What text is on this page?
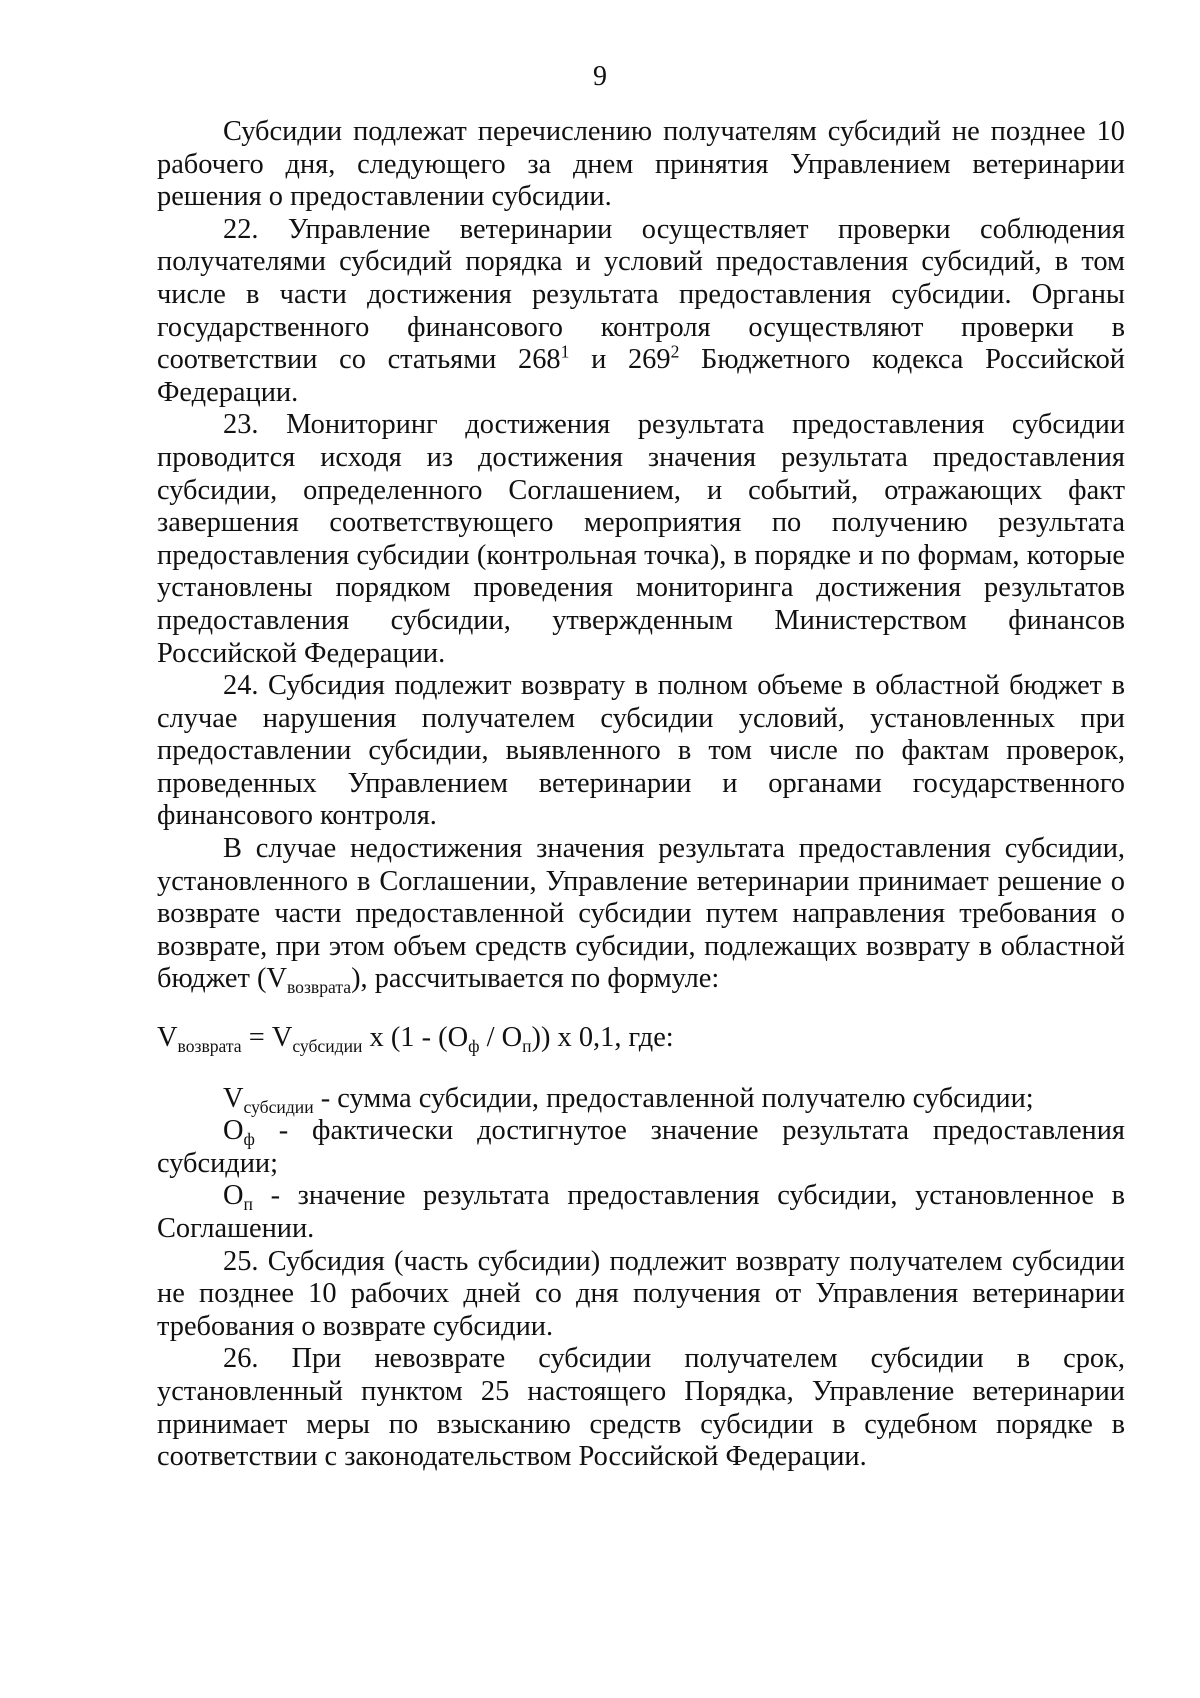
9

Субсидии подлежат перечислению получателям субсидий не позднее 10 рабочего дня, следующего за днем принятия Управлением ветеринарии решения о предоставлении субсидии.

22. Управление ветеринарии осуществляет проверки соблюдения получателями субсидий порядка и условий предоставления субсидий, в том числе в части достижения результата предоставления субсидии. Органы государственного финансового контроля осуществляют проверки в соответствии со статьями $268^1$ и $269^2$ Бюджетного кодекса Российской Федерации.

23. Мониторинг достижения результата предоставления субсидии проводится исходя из достижения значения результата предоставления субсидии, определенного Соглашением, и событий, отражающих факт завершения соответствующего мероприятия по получению результата предоставления субсидии (контрольная точка), в порядке и по формам, которые установлены порядком проведения мониторинга достижения результатов предоставления субсидии, утвержденным Министерством финансов Российской Федерации.

24. Субсидия подлежит возврату в полном объеме в областной бюджет в случае нарушения получателем субсидии условий, установленных при предоставлении субсидии, выявленного в том числе по фактам проверок, проведенных Управлением ветеринарии и органами государственного финансового контроля.

В случае недостижения значения результата предоставления субсидии, установленного в Соглашении, Управление ветеринарии принимает решение о возврате части предоставленной субсидии путем направления требования о возврате, при этом объем средств субсидии, подлежащих возврату в областной бюджет $(V_{возврата})$, рассчитывается по формуле:

$V_{возврата} = V_{субсидии}$ x $(1 - (О_ф / О_п))$ x 0,1, где:

$V_{субсидии}$ - сумма субсидии, предоставленной получателю субсидии;

$О_ф$ - фактически достигнутое значение результата предоставления субсидии;

$О_п$ - значение результата предоставления субсидии, установленное в Соглашении.

25. Субсидия (часть субсидии) подлежит возврату получателем субсидии не позднее 10 рабочих дней со дня получения от Управления ветеринарии требования о возврате субсидии.

26. При невозврате субсидии получателем субсидии в срок, установленный пунктом 25 настоящего Порядка, Управление ветеринарии принимает меры по взысканию средств субсидии в судебном порядке в соответствии с законодательством Российской Федерации.
